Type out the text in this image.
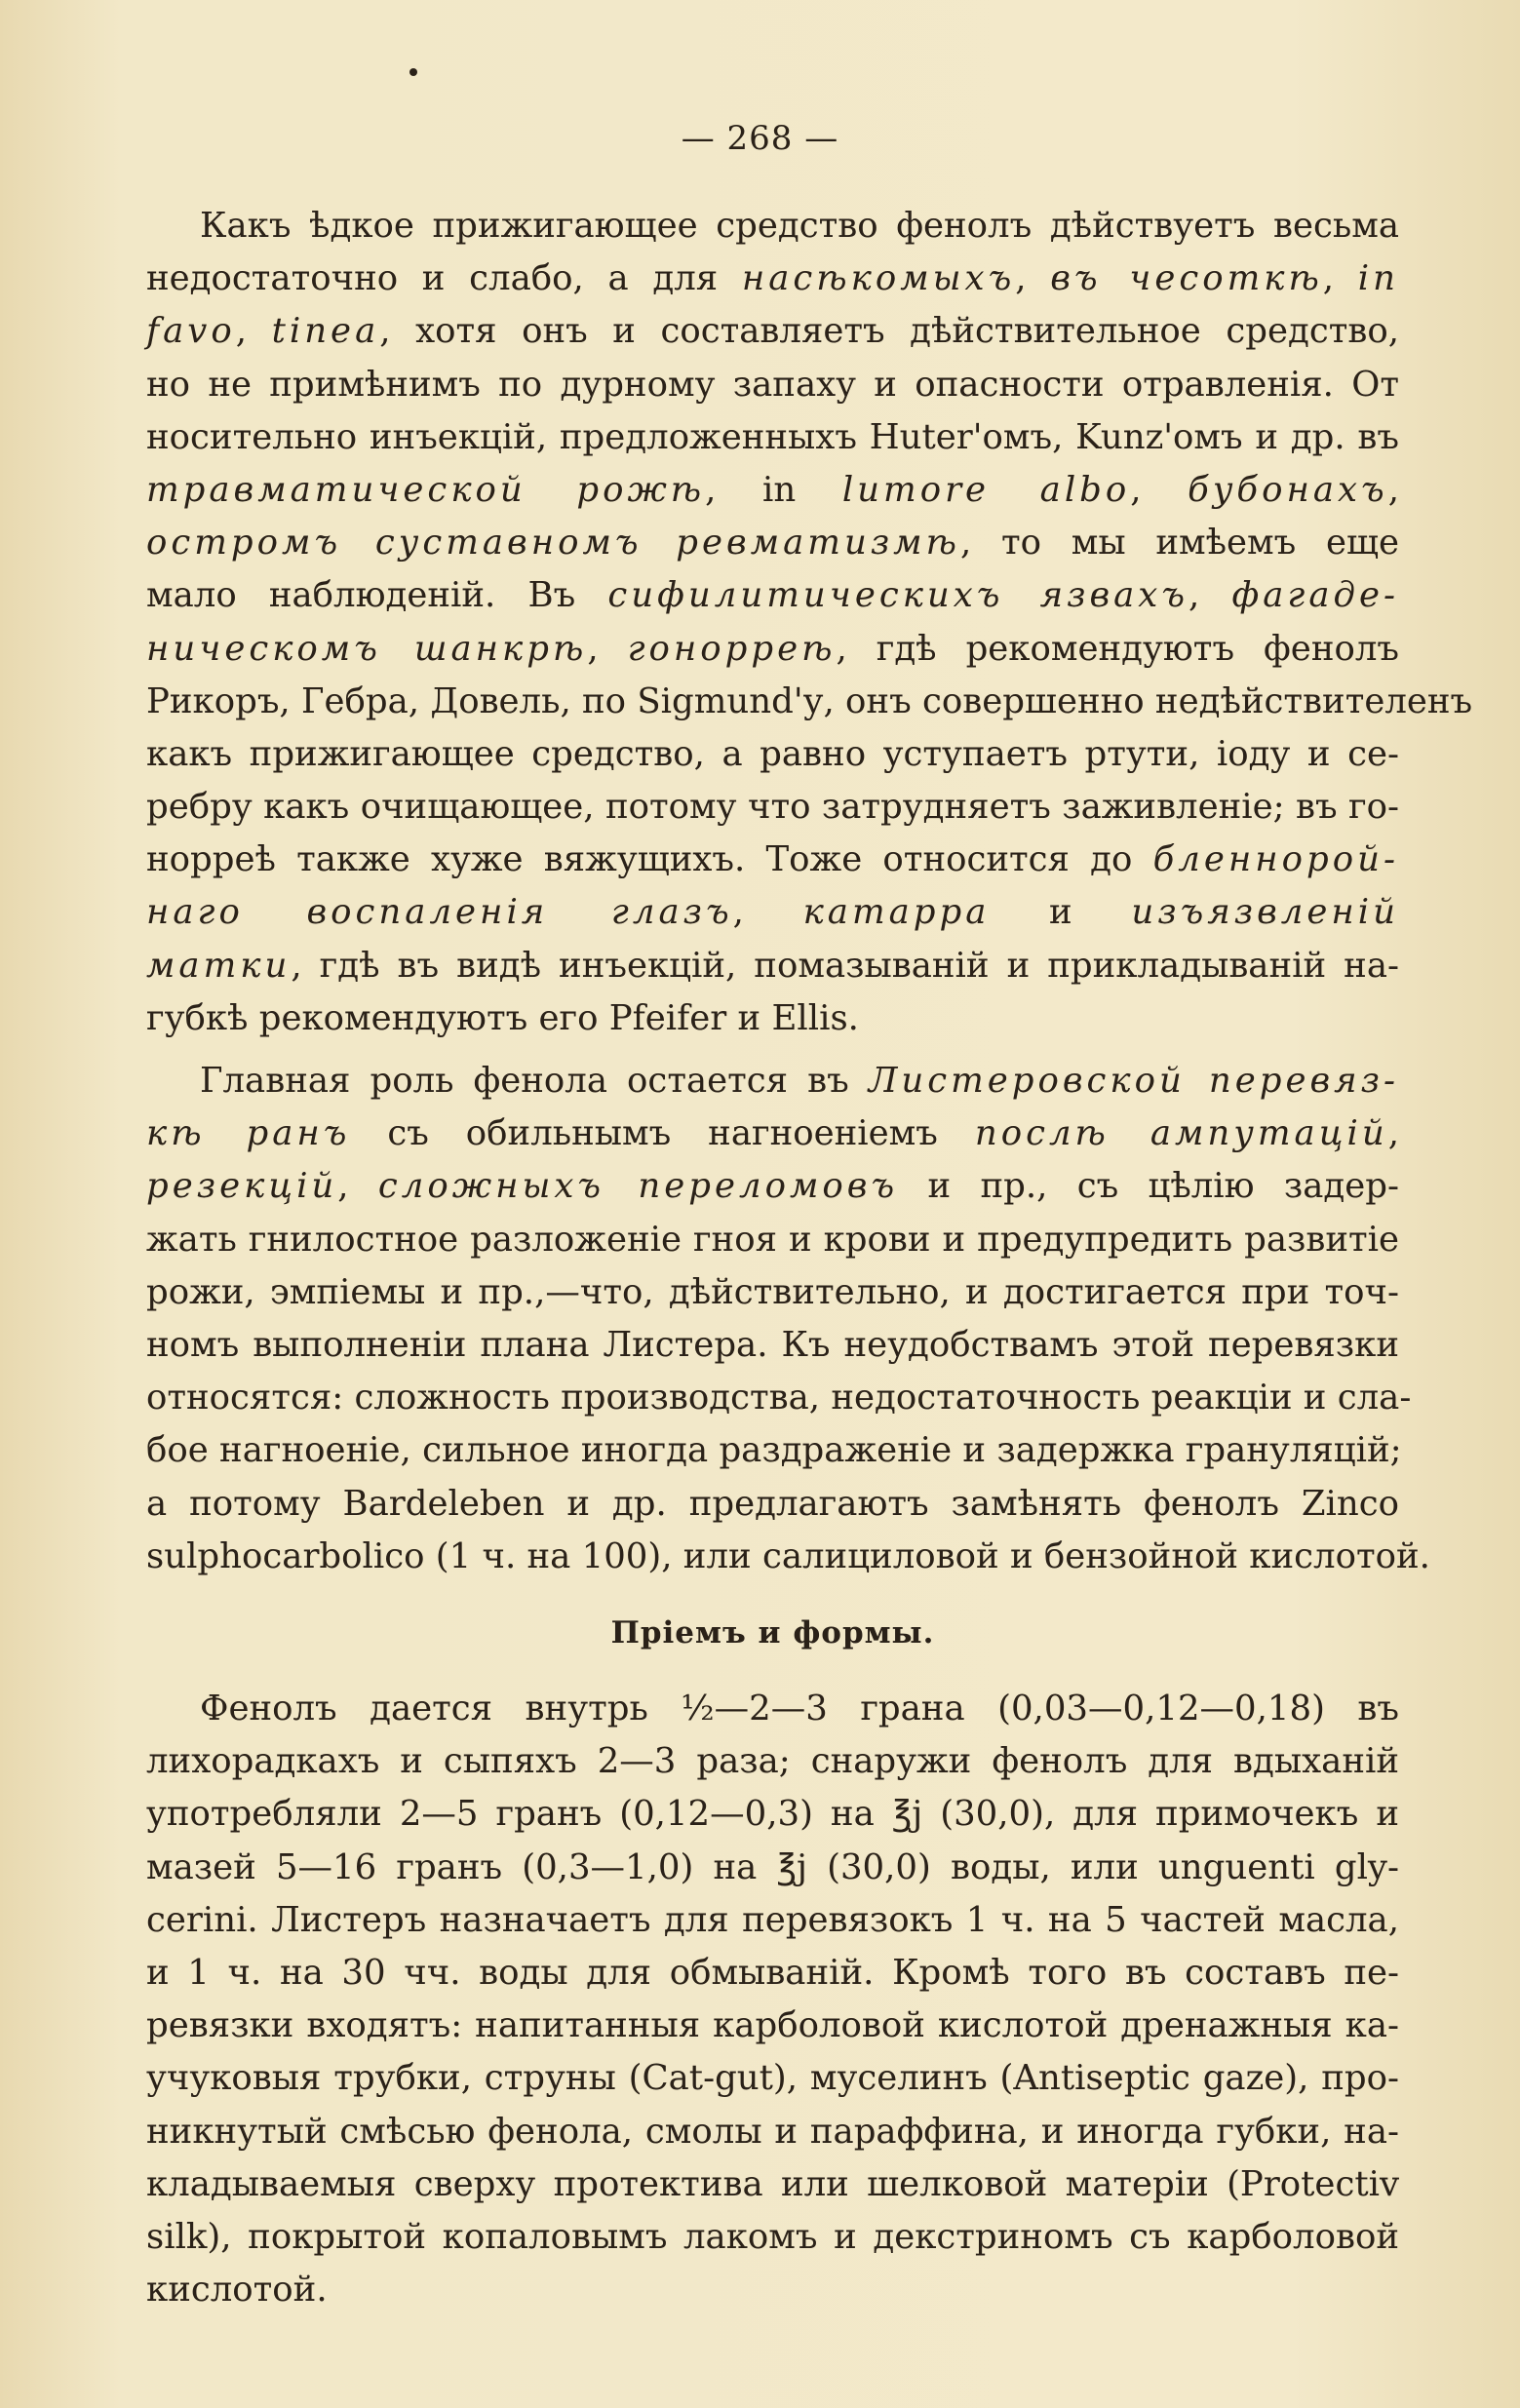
— 268 —
Какъ ѣдкое прижигающее средство фенолъ дѣйствуетъ весьма
недостаточно и слабо, а для насѣкомыхъ, въ чесоткѣ, in
favo, tinea, хотя онъ и составляетъ дѣйствительное средство,
но не примѣнимъ по дурному запаху и опасности отравленія. От
носительно инъекцій, предложенныхъ Huter'омъ, Kunz'омъ и др. въ
травматической рожѣ, in lumore albo, бубонахъ,
остромъ суставномъ ревматизмѣ, то мы имѣемъ еще
мало наблюденій. Въ сифилитическихъ язвахъ, фагаде-
ническомъ шанкрѣ, гонорреѣ, гдѣ рекомендуютъ фенолъ
Рикоръ, Гебра, Довель, по Sigmund'у, онъ совершенно недѣйствителенъ
какъ прижигающее средство, а равно уступаетъ ртути, іоду и се-
ребру какъ очищающее, потому что затрудняетъ заживленіе; въ го-
норреѣ также хуже вяжущихъ. Тоже относится до бленнорой-
наго воспаленія глазъ, катарра и изъязвленій
матки, гдѣ въ видѣ инъекцій, помазываній и прикладываній на-
губкѣ рекомендуютъ его Pfeifer и Ellis.
Главная роль фенола остается въ Листеровской перевяз-
кѣ ранъ съ обильнымъ нагноеніемъ послѣ ампутацій,
резекцій, сложныхъ переломовъ и пр., съ цѣлію задер-
жать гнилостное разложеніе гноя и крови и предупредить развитіе
рожи, эмпіемы и пр.,—что, дѣйствительно, и достигается при точ-
номъ выполненіи плана Листера. Къ неудобствамъ этой перевязки
относятся: сложность производства, недостаточность реакціи и сла-
бое нагноеніе, сильное иногда раздраженіе и задержка грануляцій;
а потому Bardeleben и др. предлагаютъ замѣнять фенолъ Zinco
sulphocarbolico (1 ч. на 100), или салициловой и бензойной кислотой.
Пріемъ и формы.
Фенолъ дается внутрь ½—2—3 грана (0,03—0,12—0,18) въ
лихорадкахъ и сыпяхъ 2—3 раза; снаружи фенолъ для вдыханій
употребляли 2—5 гранъ (0,12—0,3) на ℥j (30,0), для примочекъ и
мазей 5—16 гранъ (0,3—1,0) на ℥j (30,0) воды, или unguenti gly-
cerini. Листеръ назначаетъ для перевязокъ 1 ч. на 5 частей масла,
и 1 ч. на 30 чч. воды для обмываній. Кромѣ того въ составъ пе-
ревязки входятъ: напитанныя карболовой кислотой дренажныя ка-
учуковыя трубки, струны (Cat-gut), муселинъ (Antiseptic gaze), про-
никнутый смѣсью фенола, смолы и параффина, и иногда губки, на-
кладываемыя сверху протектива или шелковой матеріи (Protectiv
silk), покрытой копаловымъ лакомъ и декстриномъ съ карболовой
кислотой.
